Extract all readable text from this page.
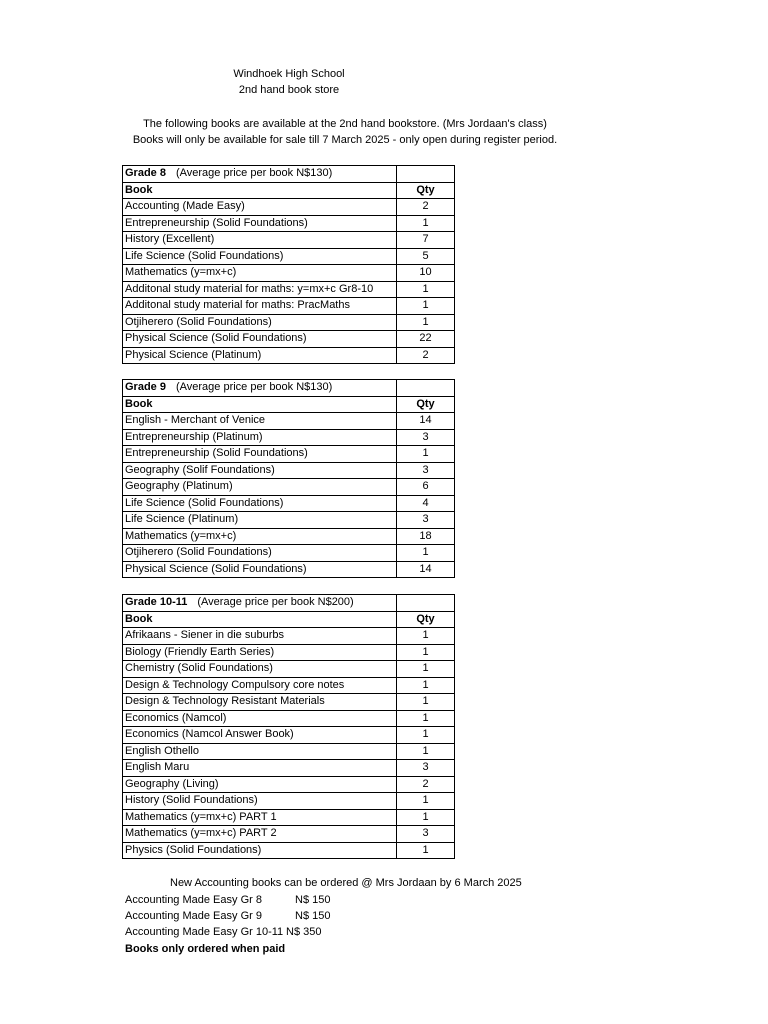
Windhoek High School
2nd hand book store
The following books are available at the 2nd hand bookstore. (Mrs Jordaan's class)
Books will only be available for sale till 7 March 2025 - only open during register period.
Grade 8 (Average price per book N$130)	
Book	Qty
Accounting (Made Easy)	2
Entrepreneurship (Solid Foundations)	1
History (Excellent)	7
Life Science (Solid Foundations)	5
Mathematics (y=mx+c)	10
Additonal study material for maths: y=mx+c Gr8-10	1
Additonal study material for maths: PracMaths	1
Otjiherero (Solid Foundations)	1
Physical Science (Solid Foundations)	22
Physical Science (Platinum)	2
Grade 9 (Average price per book N$130)	
Book	Qty
English - Merchant of Venice	14
Entrepreneurship (Platinum)	3
Entrepreneurship (Solid Foundations)	1
Geography (Solif Foundations)	3
Geography (Platinum)	6
Life Science (Solid Foundations)	4
Life Science (Platinum)	3
Mathematics (y=mx+c)	18
Otjiherero (Solid Foundations)	1
Physical Science (Solid Foundations)	14
Grade 10-11 (Average price per book N$200)	
Book	Qty
Afrikaans - Siener in die suburbs	1
Biology (Friendly Earth Series)	1
Chemistry (Solid Foundations)	1
Design & Technology Compulsory core notes	1
Design & Technology Resistant Materials	1
Economics (Namcol)	1
Economics (Namcol Answer Book)	1
English Othello	1
English Maru	3
Geography (Living)	2
History (Solid Foundations)	1
Mathematics (y=mx+c) PART 1	1
Mathematics (y=mx+c) PART 2	3
Physics (Solid Foundations)	1
New Accounting books can be ordered @ Mrs Jordaan by 6 March 2025
Accounting Made Easy Gr 8	N$ 150
Accounting Made Easy Gr 9	N$ 150
Accounting Made Easy Gr 10-11 N$ 350
Books only ordered when paid
